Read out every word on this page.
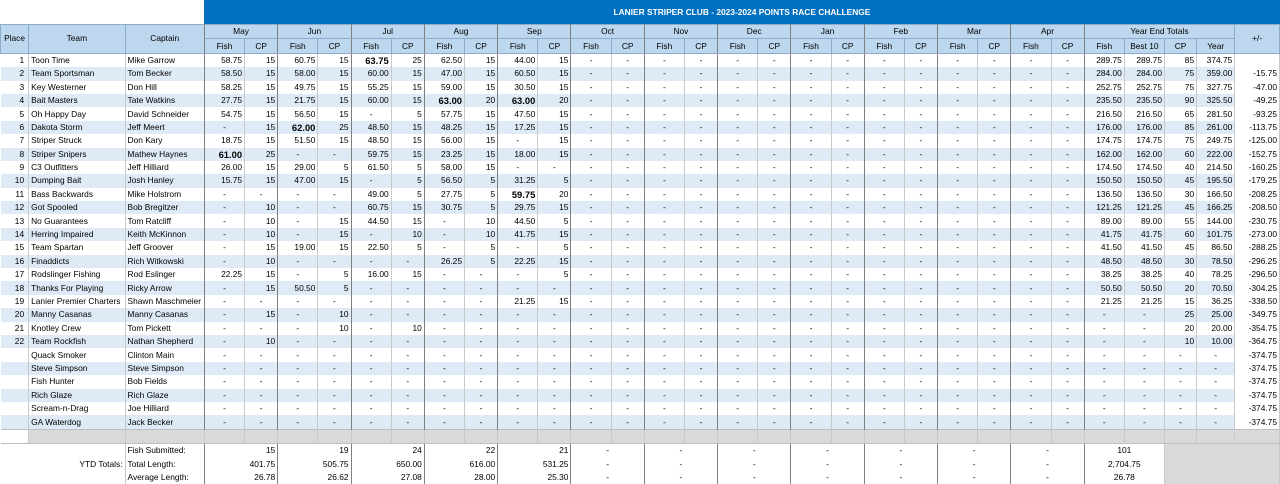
			LANIER STRIPER CLUB - 2023-2024 POINTS RACE CHALLENGE																												
Place	Team	Captain	May		Jun		Jul		Aug		Sep		Oct		Nov		Dec		Jan		Feb		Mar		Apr		Year End Totals				+/-
			Fish	CP	Fish	CP	Fish	CP	Fish	CP	Fish	CP	Fish	CP	Fish	CP	Fish	CP	Fish	CP	Fish	CP	Fish	CP	Fish	CP	Fish	Best 10	CP	Year	
1	Toon Time	Mike Garrow	58.75	15	60.75	15	63.75	25	62.50	15	44.00	15	-	-	-	-	-	-	-	-	-	-	-	-	-	-	289.75	289.75	85	374.75	
2	Team Sportsman	Tom Becker	58.50	15	58.00	15	60.00	15	47.00	15	60.50	15	-	-	-	-	-	-	-	-	-	-	-	-	-	-	284.00	284.00	75	359.00	-15.75
3	Key Westerner	Don Hill	58.25	15	49.75	15	55.25	15	59.00	15	30.50	15	-	-	-	-	-	-	-	-	-	-	-	-	-	-	252.75	252.75	75	327.75	-47.00
4	Bait Masters	Tate Watkins	27.75	15	21.75	15	60.00	15	63.00	20	63.00	20	-	-	-	-	-	-	-	-	-	-	-	-	-	-	235.50	235.50	90	325.50	-49.25
5	Oh Happy Day	David Schneider	54.75	15	56.50	15	-	5	57.75	15	47.50	15	-	-	-	-	-	-	-	-	-	-	-	-	-	-	216.50	216.50	65	281.50	-93.25
6	Dakota Storm	Jeff Meert	-	15	62.00	25	48.50	15	48.25	15	17.25	15	-	-	-	-	-	-	-	-	-	-	-	-	-	-	176.00	176.00	85	261.00	-113.75
7	Striper Struck	Don Kary	18.75	15	51.50	15	48.50	15	56.00	15	-	15	-	-	-	-	-	-	-	-	-	-	-	-	-	-	174.75	174.75	75	249.75	-125.00
8	Striper Snipers	Mathew Haynes	61.00	25	-	-	59.75	15	23.25	15	18.00	15	-	-	-	-	-	-	-	-	-	-	-	-	-	-	162.00	162.00	60	222.00	-152.75
9	C3 Outfitters	Jeff Hilliard	26.00	15	29.00	5	61.50	5	58.00	15	-	-	-	-	-	-	-	-	-	-	-	-	-	-	-	-	174.50	174.50	40	214.50	-160.25
10	Dumping Bait	Josh Hanley	15.75	15	47.00	15	-	5	56.50	5	31.25	5	-	-	-	-	-	-	-	-	-	-	-	-	-	-	150.50	150.50	45	195.50	-179.25
11	Bass Backwards	Mike Holstrom	-	-	-	-	49.00	5	27.75	5	59.75	20	-	-	-	-	-	-	-	-	-	-	-	-	-	-	136.50	136.50	30	166.50	-208.25
12	Got Spooled	Bob Bregitzer	-	10	-	-	60.75	15	30.75	5	29.75	15	-	-	-	-	-	-	-	-	-	-	-	-	-	-	121.25	121.25	45	166.25	-208.50
13	No Guarantees	Tom Ratcliff	-	10	-	15	44.50	15	-	10	44.50	5	-	-	-	-	-	-	-	-	-	-	-	-	-	-	89.00	89.00	55	144.00	-230.75
14	Herring Impaired	Keith McKinnon	-	10	-	15	-	10	-	10	41.75	15	-	-	-	-	-	-	-	-	-	-	-	-	-	-	41.75	41.75	60	101.75	-273.00
15	Team Spartan	Jeff Groover	-	15	19.00	15	22.50	5	-	5	-	5	-	-	-	-	-	-	-	-	-	-	-	-	-	-	41.50	41.50	45	86.50	-288.25
16	Finaddicts	Rich Witkowski	-	10	-	-	-	-	26.25	5	22.25	15	-	-	-	-	-	-	-	-	-	-	-	-	-	-	48.50	48.50	30	78.50	-296.25
17	Rodslinger Fishing	Rod Eslinger	22.25	15	-	5	16.00	15	-	-	-	5	-	-	-	-	-	-	-	-	-	-	-	-	-	-	38.25	38.25	40	78.25	-296.50
18	Thanks For Playing	Ricky Arrow	-	15	50.50	5	-	-	-	-	-	-	-	-	-	-	-	-	-	-	-	-	-	-	-	-	50.50	50.50	20	70.50	-304.25
19	Lanier Premier Charters	Shawn Maschmeier	-	-	-	-	-	-	-	-	21.25	15	-	-	-	-	-	-	-	-	-	-	-	-	-	-	21.25	21.25	15	36.25	-338.50
20	Manny Casanas	Manny Casanas	-	15	-	10	-	-	-	-	-	-	-	-	-	-	-	-	-	-	-	-	-	-	-	-	-	-	25	25.00	-349.75
21	Knotley Crew	Tom Pickett	-	-	-	10	-	10	-	-	-	-	-	-	-	-	-	-	-	-	-	-	-	-	-	-	-	-	20	20.00	-354.75
22	Team Rockfish	Nathan Shepherd	-	10	-	-	-	-	-	-	-	-	-	-	-	-	-	-	-	-	-	-	-	-	-	-	-	-	10	10.00	-364.75
	Quack Smoker	Clinton Main	-	-	-	-	-	-	-	-	-	-	-	-	-	-	-	-	-	-	-	-	-	-	-	-	-	-	-	-	-374.75
	Steve Simpson	Steve Simpson	-	-	-	-	-	-	-	-	-	-	-	-	-	-	-	-	-	-	-	-	-	-	-	-	-	-	-	-	-374.75
	Fish Hunter	Bob Fields	-	-	-	-	-	-	-	-	-	-	-	-	-	-	-	-	-	-	-	-	-	-	-	-	-	-	-	-	-374.75
	Rich Glaze	Rich Glaze	-	-	-	-	-	-	-	-	-	-	-	-	-	-	-	-	-	-	-	-	-	-	-	-	-	-	-	-	-374.75
	Scream-n-Drag	Joe Hilliard	-	-	-	-	-	-	-	-	-	-	-	-	-	-	-	-	-	-	-	-	-	-	-	-	-	-	-	-	-374.75
	GA Waterdog	Jack Becker	-	-	-	-	-	-	-	-	-	-	-	-	-	-	-	-	-	-	-	-	-	-	-	-	-	-	-	-	-374.75

YTD Totals:		Fish Submitted:	15		19		24		22		21		-		-		-		-		-		-		-		101				
		Total Length:	401.75		505.75		650.00		616.00		531.25		-		-		-		-		-		-		-		2,704.75				
		Average Length:	26.78		26.62		27.08		28.00		25.30		-		-		-		-		-		-		-		26.78				
